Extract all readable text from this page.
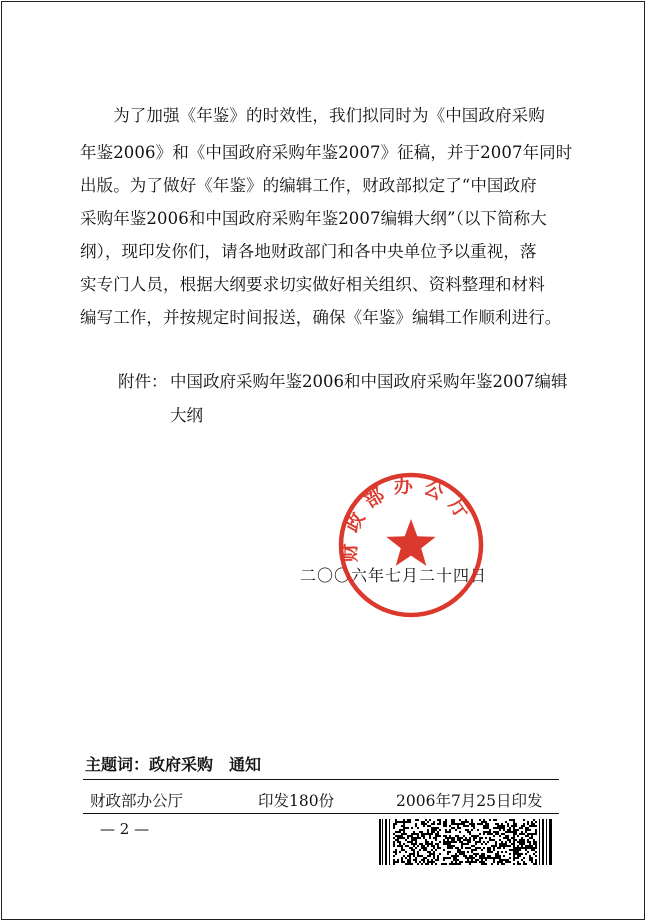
　　为了加强《年鉴》的时效性，我们拟同时为《中国政府采购
年鉴2006》和《中国政府采购年鉴2007》征稿，并于2007年同时
出版。为了做好《年鉴》的编辑工作，财政部拟定了“中国政府
采购年鉴2006和中国政府采购年鉴2007编辑大纲”（以下简称大
纲），现印发你们，请各地财政部门和各中央单位予以重视，落
实专门人员，根据大纲要求切实做好相关组织、资料整理和材料
编写工作，并按规定时间报送，确保《年鉴》编辑工作顺利进行。
附件： 中国政府采购年鉴2006和中国政府采购年鉴2007编辑
大纲
二〇〇六年七月二十四日
财政部办公厅
主题词：政府采购　通知
财政部办公厅	印发180份	2006年7月25日印发
— 2 —
